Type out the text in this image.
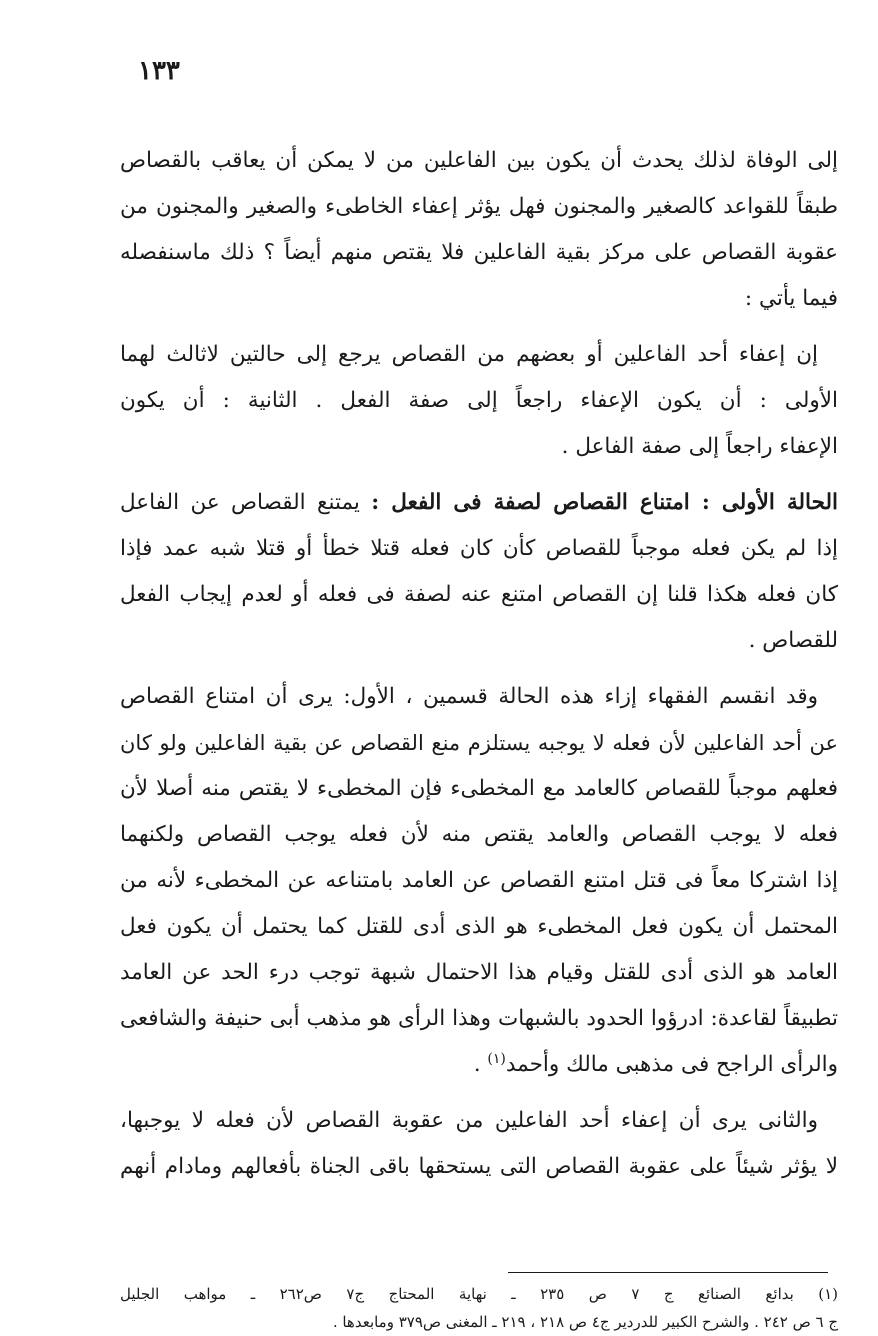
١٣٣
إلى الوفاة لذلك يحدث أن يكون بين الفاعلين من لا يمكن أن يعاقب بالقصاص
طبقاً للقواعد كالصغير والمجنون فهل يؤثر إعفاء الخاطىء والصغير والمجنون من
عقوبة القصاص على مركز بقية الفاعلين فلا يقتص منهم أيضاً ؟ ذلك ماسنفصله
فيما يأتي :
إن إعفاء أحد الفاعلين أو بعضهم من القصاص يرجع إلى حالتين لاثالث لهما
الأولى : أن يكون الإعفاء راجعاً إلى صفة الفعل . الثانية : أن يكون
الإعفاء راجعاً إلى صفة الفاعل .
الحالة الأولى : امتناع القصاص لصفة فى الفعل : يمتنع القصاص عن الفاعل
إذا لم يكن فعله موجباً للقصاص كأن كان فعله قتلا خطأ أو قتلا شبه عمد فإذا
كان فعله هكذا قلنا إن القصاص امتنع عنه لصفة فى فعله أو لعدم إيجاب الفعل
للقصاص .
وقد انقسم الفقهاء إزاء هذه الحالة قسمين ، الأول: يرى أن امتناع القصاص
عن أحد الفاعلين لأن فعله لا يوجبه يستلزم منع القصاص عن بقية الفاعلين ولو كان
فعلهم موجباً للقصاص كالعامد مع المخطىء فإن المخطىء لا يقتص منه أصلا لأن
فعله لا يوجب القصاص والعامد يقتص منه لأن فعله يوجب القصاص ولكنهما
إذا اشتركا معاً فى قتل امتنع القصاص عن العامد بامتناعه عن المخطىء لأنه من
المحتمل أن يكون فعل المخطىء هو الذى أدى للقتل كما يحتمل أن يكون فعل
العامد هو الذى أدى للقتل وقيام هذا الاحتمال شبهة توجب درء الحد عن العامد
تطبيقاً لقاعدة: ادرؤوا الحدود بالشبهات وهذا الرأى هو مذهب أبى حنيفة والشافعى
والرأى الراجح فى مذهبى مالك وأحمد$^{(١)}$ .
والثانى يرى أن إعفاء أحد الفاعلين من عقوبة القصاص لأن فعله لا يوجبها،
لا يؤثر شيئاً على عقوبة القصاص التى يستحقها باقى الجناة بأفعالهم ومادام أنهم
(١) بدائع الصنائع ج ٧ ص ٢٣٥ ـ نهاية المحتاج ج٧ ص٢٦٢ ـ مواهب الجليل
ج ٦ ص ٢٤٢ . والشرح الكبير للدردير ج٤ ص ٢١٨ ، ٢١٩ ـ المغنى ص٣٧٩ ومابعدها .
